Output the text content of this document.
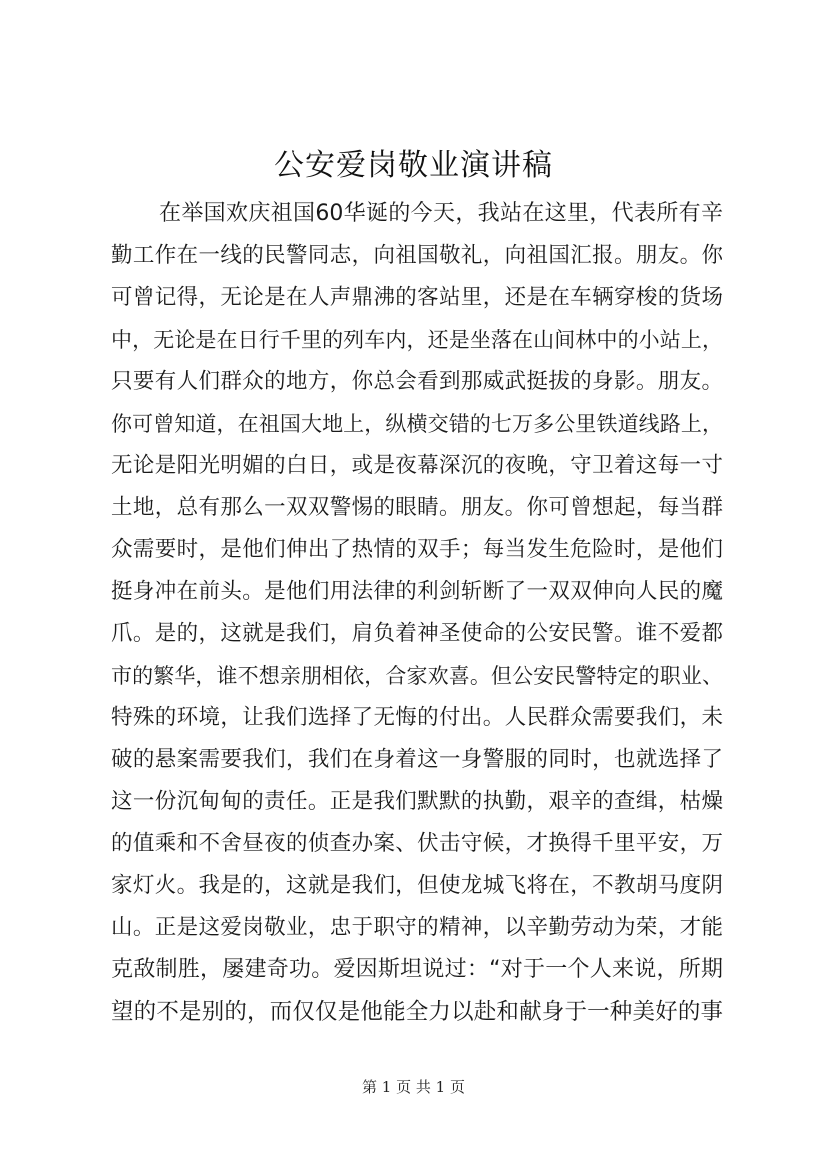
公安爱岗敬业演讲稿
在举国欢庆祖国60华诞的今天，我站在这里，代表所有辛
勤工作在一线的民警同志，向祖国敬礼，向祖国汇报。朋友。你
可曾记得，无论是在人声鼎沸的客站里，还是在车辆穿梭的货场
中，无论是在日行千里的列车内，还是坐落在山间林中的小站上，
只要有人们群众的地方，你总会看到那威武挺拔的身影。朋友。
你可曾知道，在祖国大地上，纵横交错的七万多公里铁道线路上，
无论是阳光明媚的白日，或是夜幕深沉的夜晚，守卫着这每一寸
土地，总有那么一双双警惕的眼睛。朋友。你可曾想起，每当群
众需要时，是他们伸出了热情的双手；每当发生危险时，是他们
挺身冲在前头。是他们用法律的利剑斩断了一双双伸向人民的魔
爪。是的，这就是我们，肩负着神圣使命的公安民警。谁不爱都
市的繁华，谁不想亲朋相依，合家欢喜。但公安民警特定的职业、
特殊的环境，让我们选择了无悔的付出。人民群众需要我们，未
破的悬案需要我们，我们在身着这一身警服的同时，也就选择了
这一份沉甸甸的责任。正是我们默默的执勤，艰辛的查缉，枯燥
的值乘和不舍昼夜的侦查办案、伏击守候，才换得千里平安，万
家灯火。我是的，这就是我们，但使龙城飞将在，不教胡马度阴
山。正是这爱岗敬业，忠于职守的精神，以辛勤劳动为荣，才能
克敌制胜，屡建奇功。爱因斯坦说过：“对于一个人来说，所期
望的不是别的，而仅仅是他能全力以赴和献身于一种美好的事
第 1 页 共 1 页
